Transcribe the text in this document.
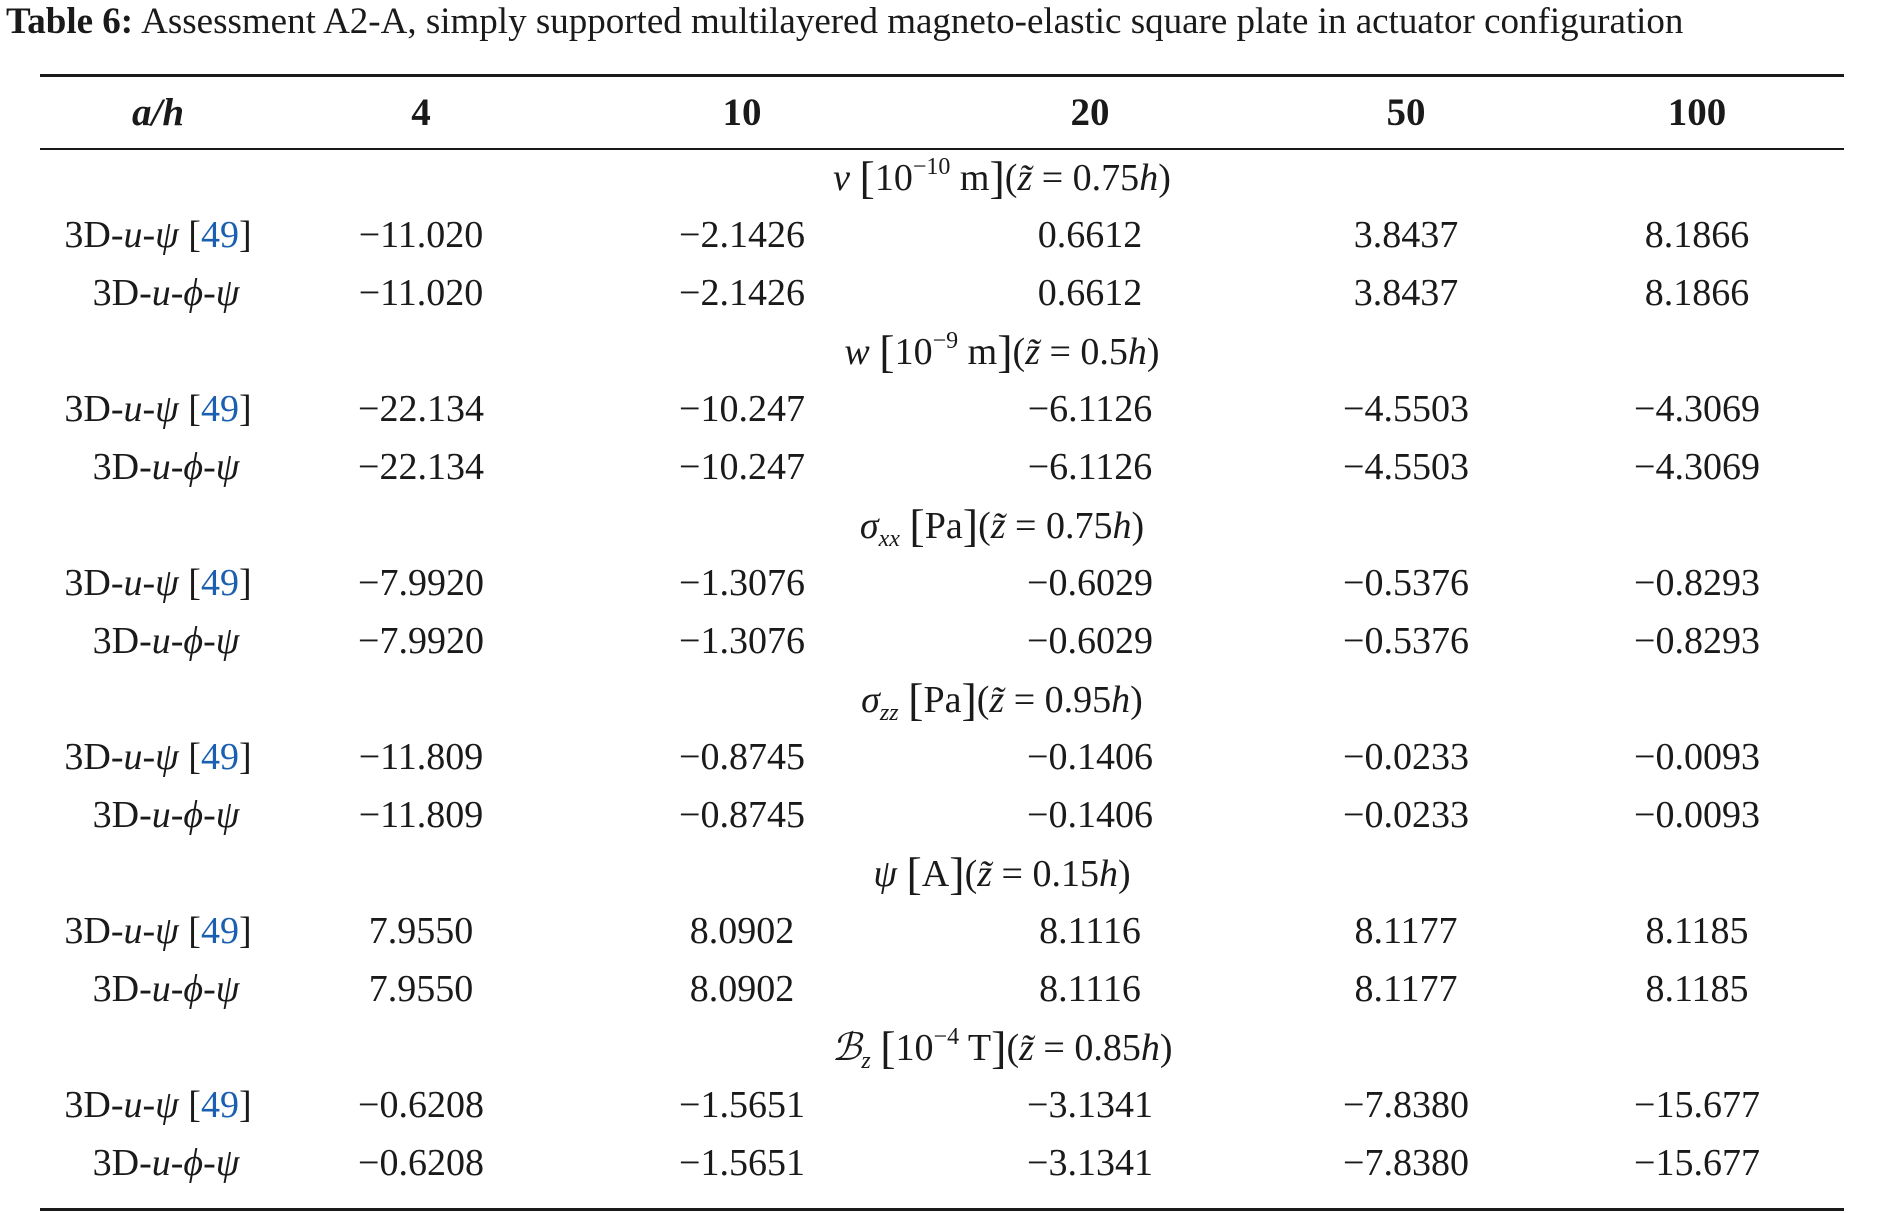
Table 6: Assessment A2-A, simply supported multilayered magneto-elastic square plate in actuator configuration
a/h	4	10	20	50	100
v [$10^{-10}$ m](z̃ = 0.75h)					
3D-u-ψ [49]	−11.020	−2.1426	0.6612	3.8437	8.1866
3D-u-ϕ-ψ	−11.020	−2.1426	0.6612	3.8437	8.1866
w [$10^{-9}$ m](z̃ = 0.5h)					
3D-u-ψ [49]	−22.134	−10.247	−6.1126	−4.5503	−4.3069
3D-u-ϕ-ψ	−22.134	−10.247	−6.1126	−4.5503	−4.3069
$\sigma_{xx}$ [Pa](z̃ = 0.75h)					
3D-u-ψ [49]	−7.9920	−1.3076	−0.6029	−0.5376	−0.8293
3D-u-ϕ-ψ	−7.9920	−1.3076	−0.6029	−0.5376	−0.8293
$\sigma_{zz}$ [Pa](z̃ = 0.95h)					
3D-u-ψ [49]	−11.809	−0.8745	−0.1406	−0.0233	−0.0093
3D-u-ϕ-ψ	−11.809	−0.8745	−0.1406	−0.0233	−0.0093
ψ [A](z̃ = 0.15h)					
3D-u-ψ [49]	7.9550	8.0902	8.1116	8.1177	8.1185
3D-u-ϕ-ψ	7.9550	8.0902	8.1116	8.1177	8.1185
ℬ$_z$ [$10^{-4}$ T](z̃ = 0.85h)					
3D-u-ψ [49]	−0.6208	−1.5651	−3.1341	−7.8380	−15.677
3D-u-ϕ-ψ	−0.6208	−1.5651	−3.1341	−7.8380	−15.677
